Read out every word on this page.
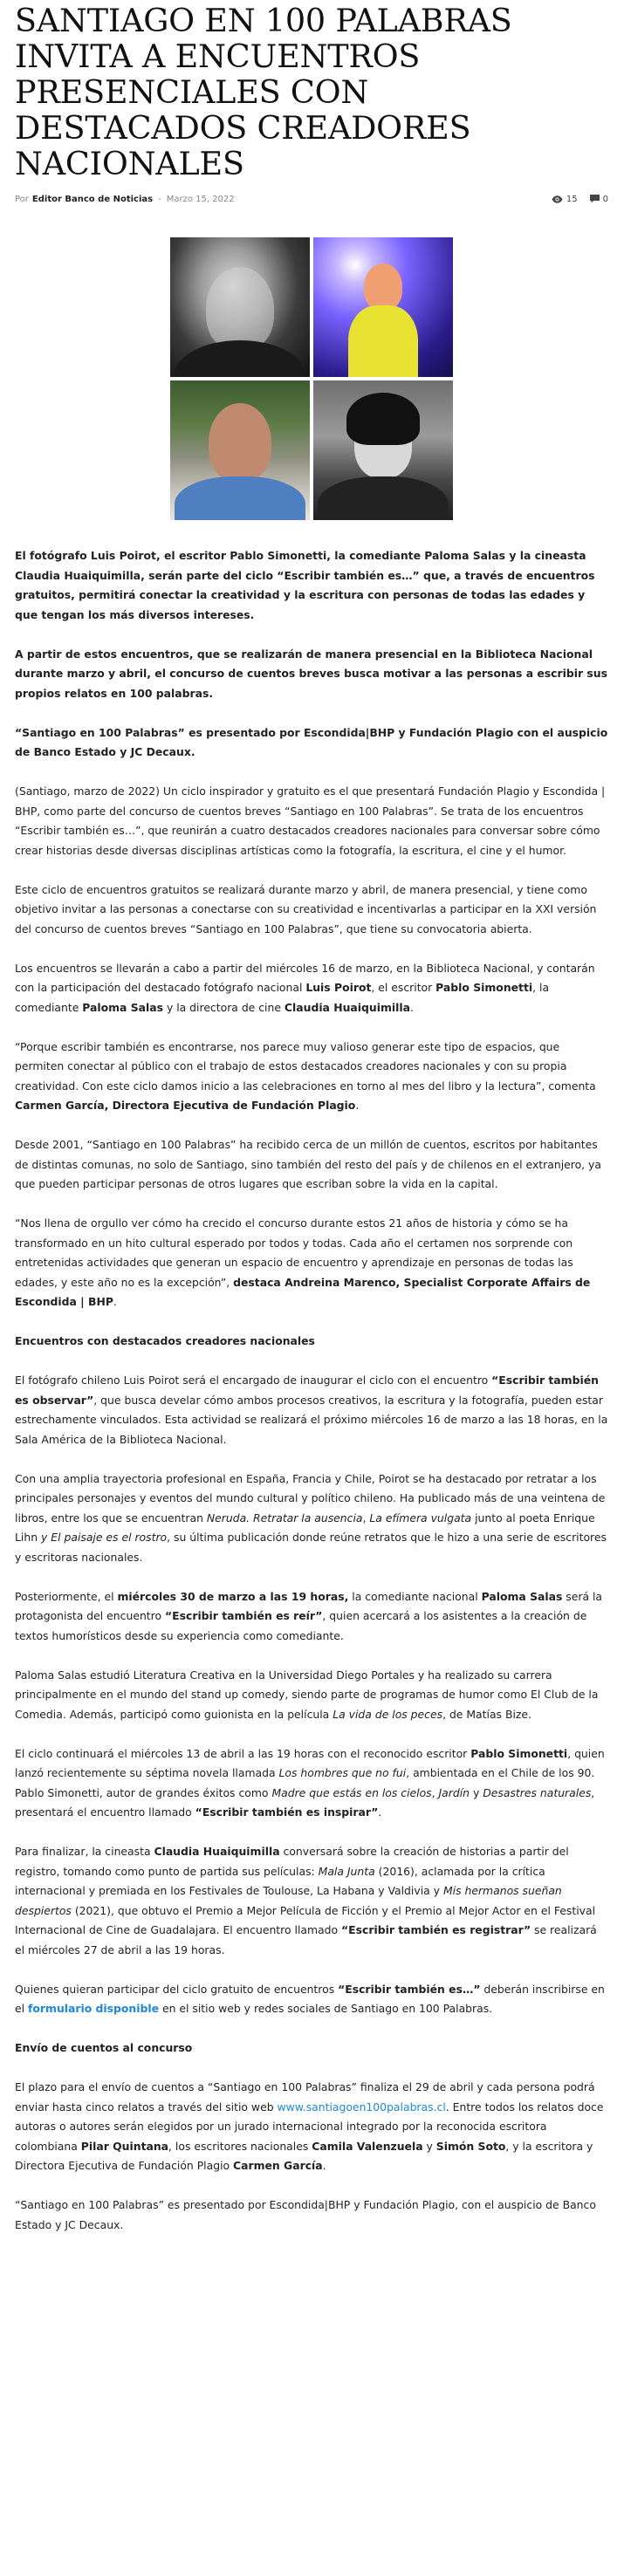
SANTIAGO EN 100 PALABRAS
INVITA A ENCUENTROS
PRESENCIALES CON
DESTACADOS CREADORES
NACIONALES
Por Editor Banco de Noticias - Marzo 15, 2022	15	0

El fotógrafo Luis Poirot, el escritor Pablo Simonetti, la comediante Paloma Salas y la cineasta Claudia Huaiquimilla, serán parte del ciclo “Escribir también es…” que, a través de encuentros gratuitos, permitirá conectar la creatividad y la escritura con personas de todas las edades y que tengan los más diversos intereses.

A partir de estos encuentros, que se realizarán de manera presencial en la Biblioteca Nacional durante marzo y abril, el concurso de cuentos breves busca motivar a las personas a escribir sus propios relatos en 100 palabras.

“Santiago en 100 Palabras” es presentado por Escondida|BHP y Fundación Plagio con el auspicio de Banco Estado y JC Decaux.

(Santiago, marzo de 2022) Un ciclo inspirador y gratuito es el que presentará Fundación Plagio y Escondida | BHP, como parte del concurso de cuentos breves “Santiago en 100 Palabras”. Se trata de los encuentros “Escribir también es…”, que reunirán a cuatro destacados creadores nacionales para conversar sobre cómo crear historias desde diversas disciplinas artísticas como la fotografía, la escritura, el cine y el humor.

Este ciclo de encuentros gratuitos se realizará durante marzo y abril, de manera presencial, y tiene como objetivo invitar a las personas a conectarse con su creatividad e incentivarlas a participar en la XXI versión del concurso de cuentos breves “Santiago en 100 Palabras”, que tiene su convocatoria abierta.

Los encuentros se llevarán a cabo a partir del miércoles 16 de marzo, en la Biblioteca Nacional, y contarán con la participación del destacado fotógrafo nacional Luis Poirot, el escritor Pablo Simonetti, la comediante Paloma Salas y la directora de cine Claudia Huaiquimilla.

“Porque escribir también es encontrarse, nos parece muy valioso generar este tipo de espacios, que permiten conectar al público con el trabajo de estos destacados creadores nacionales y con su propia creatividad. Con este ciclo damos inicio a las celebraciones en torno al mes del libro y la lectura”, comenta Carmen García, Directora Ejecutiva de Fundación Plagio.

Desde 2001, “Santiago en 100 Palabras” ha recibido cerca de un millón de cuentos, escritos por habitantes de distintas comunas, no solo de Santiago, sino también del resto del país y de chilenos en el extranjero, ya que pueden participar personas de otros lugares que escriban sobre la vida en la capital.

“Nos llena de orgullo ver cómo ha crecido el concurso durante estos 21 años de historia y cómo se ha transformado en un hito cultural esperado por todos y todas. Cada año el certamen nos sorprende con entretenidas actividades que generan un espacio de encuentro y aprendizaje en personas de todas las edades, y este año no es la excepción”, destaca Andreina Marenco, Specialist Corporate Affairs de Escondida | BHP.

Encuentros con destacados creadores nacionales

El fotógrafo chileno Luis Poirot será el encargado de inaugurar el ciclo con el encuentro “Escribir también es observar”, que busca develar cómo ambos procesos creativos, la escritura y la fotografía, pueden estar estrechamente vinculados. Esta actividad se realizará el próximo miércoles 16 de marzo a las 18 horas, en la Sala América de la Biblioteca Nacional.

Con una amplia trayectoria profesional en España, Francia y Chile, Poirot se ha destacado por retratar a los principales personajes y eventos del mundo cultural y político chileno. Ha publicado más de una veintena de libros, entre los que se encuentran Neruda. Retratar la ausencia, La efímera vulgata junto al poeta Enrique Lihn y El paisaje es el rostro, su última publicación donde reúne retratos que le hizo a una serie de escritores y escritoras nacionales.

Posteriormente, el miércoles 30 de marzo a las 19 horas, la comediante nacional Paloma Salas será la protagonista del encuentro “Escribir también es reír”, quien acercará a los asistentes a la creación de textos humorísticos desde su experiencia como comediante.

Paloma Salas estudió Literatura Creativa en la Universidad Diego Portales y ha realizado su carrera principalmente en el mundo del stand up comedy, siendo parte de programas de humor como El Club de la Comedia. Además, participó como guionista en la película La vida de los peces, de Matías Bize.

El ciclo continuará el miércoles 13 de abril a las 19 horas con el reconocido escritor Pablo Simonetti, quien lanzó recientemente su séptima novela llamada Los hombres que no fui, ambientada en el Chile de los 90. Pablo Simonetti, autor de grandes éxitos como Madre que estás en los cielos, Jardín y Desastres naturales, presentará el encuentro llamado “Escribir también es inspirar”.

Para finalizar, la cineasta Claudia Huaiquimilla conversará sobre la creación de historias a partir del registro, tomando como punto de partida sus películas: Mala Junta (2016), aclamada por la crítica internacional y premiada en los Festivales de Toulouse, La Habana y Valdivia y Mis hermanos sueñan despiertos (2021), que obtuvo el Premio a Mejor Película de Ficción y el Premio al Mejor Actor en el Festival Internacional de Cine de Guadalajara. El encuentro llamado “Escribir también es registrar” se realizará el miércoles 27 de abril a las 19 horas.

Quienes quieran participar del ciclo gratuito de encuentros “Escribir también es…” deberán inscribirse en el formulario disponible en el sitio web y redes sociales de Santiago en 100 Palabras.

Envío de cuentos al concurso

El plazo para el envío de cuentos a “Santiago en 100 Palabras” finaliza el 29 de abril y cada persona podrá enviar hasta cinco relatos a través del sitio web www.santiagoen100palabras.cl. Entre todos los relatos doce autoras o autores serán elegidos por un jurado internacional integrado por la reconocida escritora colombiana Pilar Quintana, los escritores nacionales Camila Valenzuela y Simón Soto, y la escritora y Directora Ejecutiva de Fundación Plagio Carmen García.

“Santiago en 100 Palabras” es presentado por Escondida|BHP y Fundación Plagio, con el auspicio de Banco Estado y JC Decaux.
